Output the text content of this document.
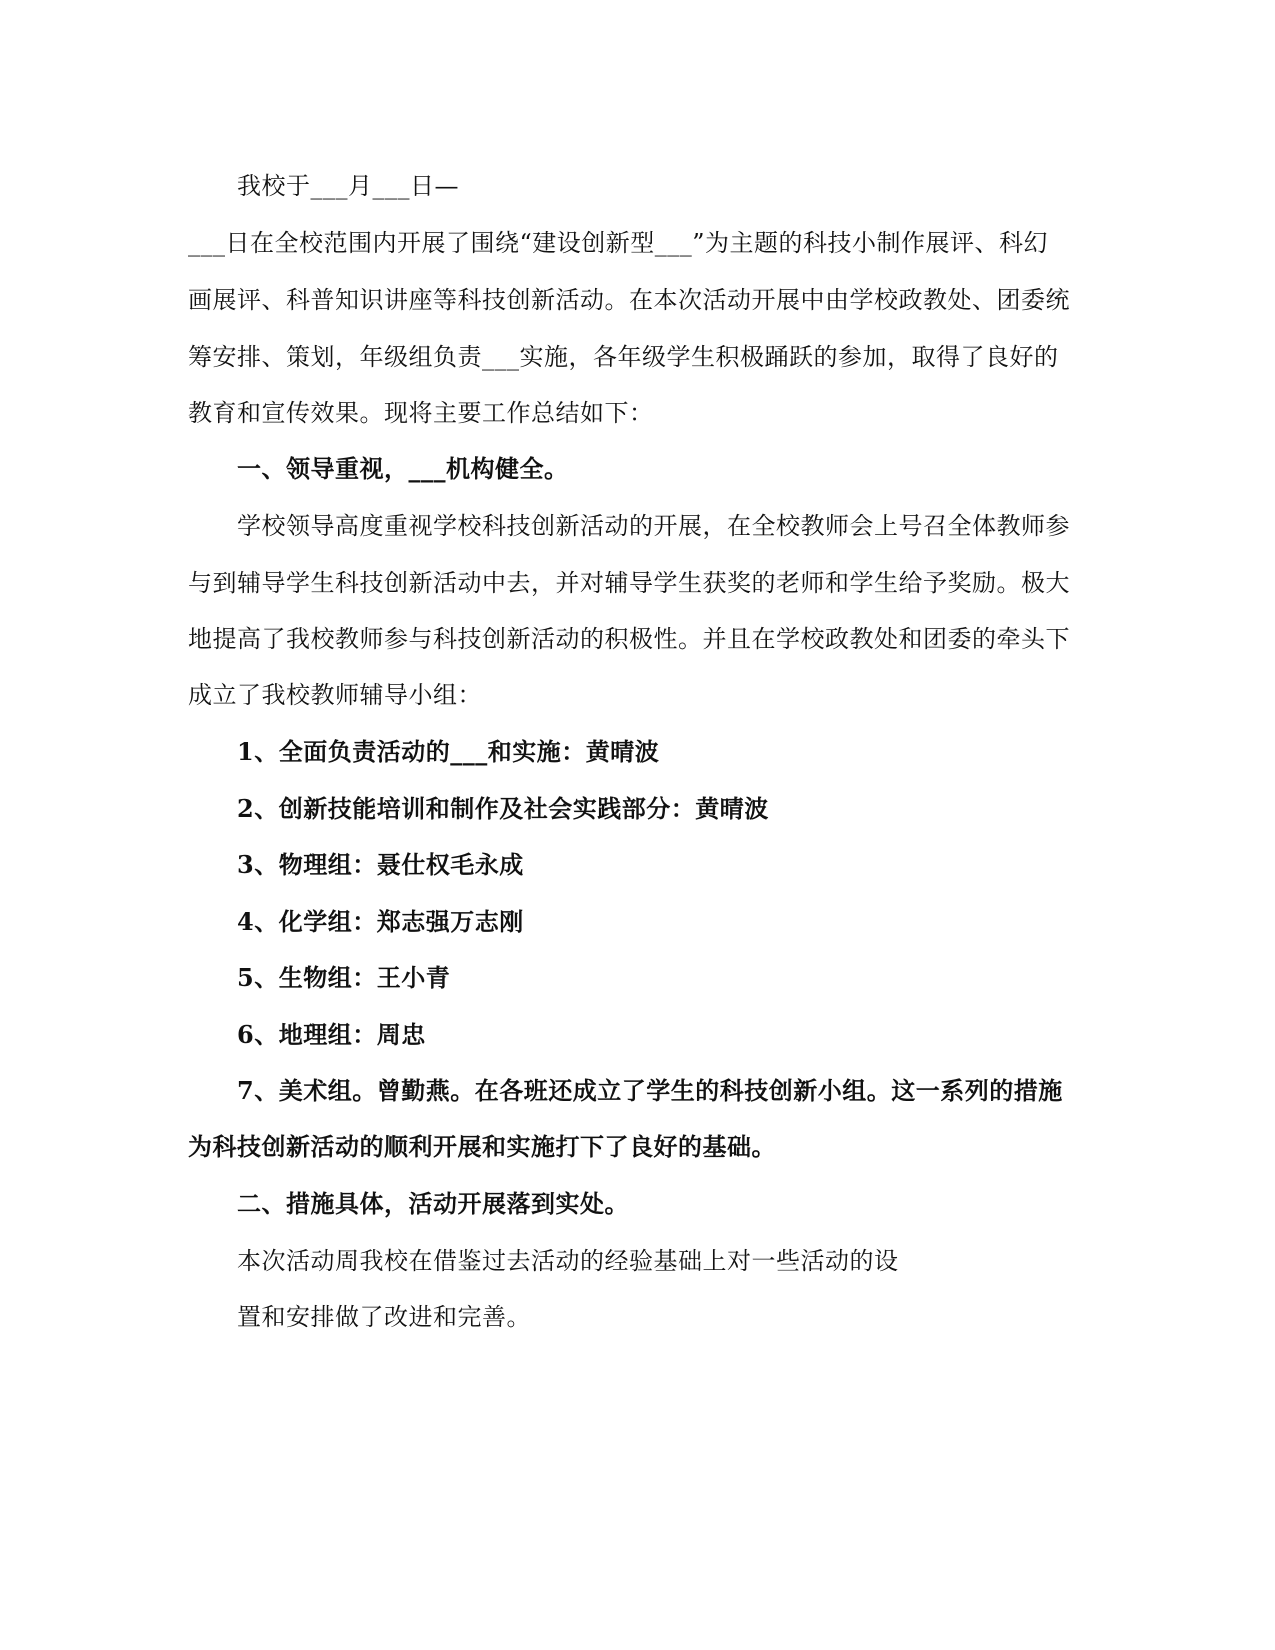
我校于___月___日—
___日在全校范围内开展了围绕“建设创新型___”为主题的科技小制作展评、科幻
画展评、科普知识讲座等科技创新活动。在本次活动开展中由学校政教处、团委统
筹安排、策划，年级组负责___实施，各年级学生积极踊跃的参加，取得了良好的
教育和宣传效果。现将主要工作总结如下：
一、领导重视，___机构健全。
学校领导高度重视学校科技创新活动的开展，在全校教师会上号召全体教师参
与到辅导学生科技创新活动中去，并对辅导学生获奖的老师和学生给予奖励。极大
地提高了我校教师参与科技创新活动的积极性。并且在学校政教处和团委的牵头下
成立了我校教师辅导小组：
1、全面负责活动的___和实施：黄晴波
2、创新技能培训和制作及社会实践部分：黄晴波
3、物理组：聂仕权毛永成
4、化学组：郑志强万志刚
5、生物组：王小青
6、地理组：周忠
7、美术组。曾勤燕。在各班还成立了学生的科技创新小组。这一系列的措施
为科技创新活动的顺利开展和实施打下了良好的基础。
二、措施具体，活动开展落到实处。
本次活动周我校在借鉴过去活动的经验基础上对一些活动的设
置和安排做了改进和完善。
